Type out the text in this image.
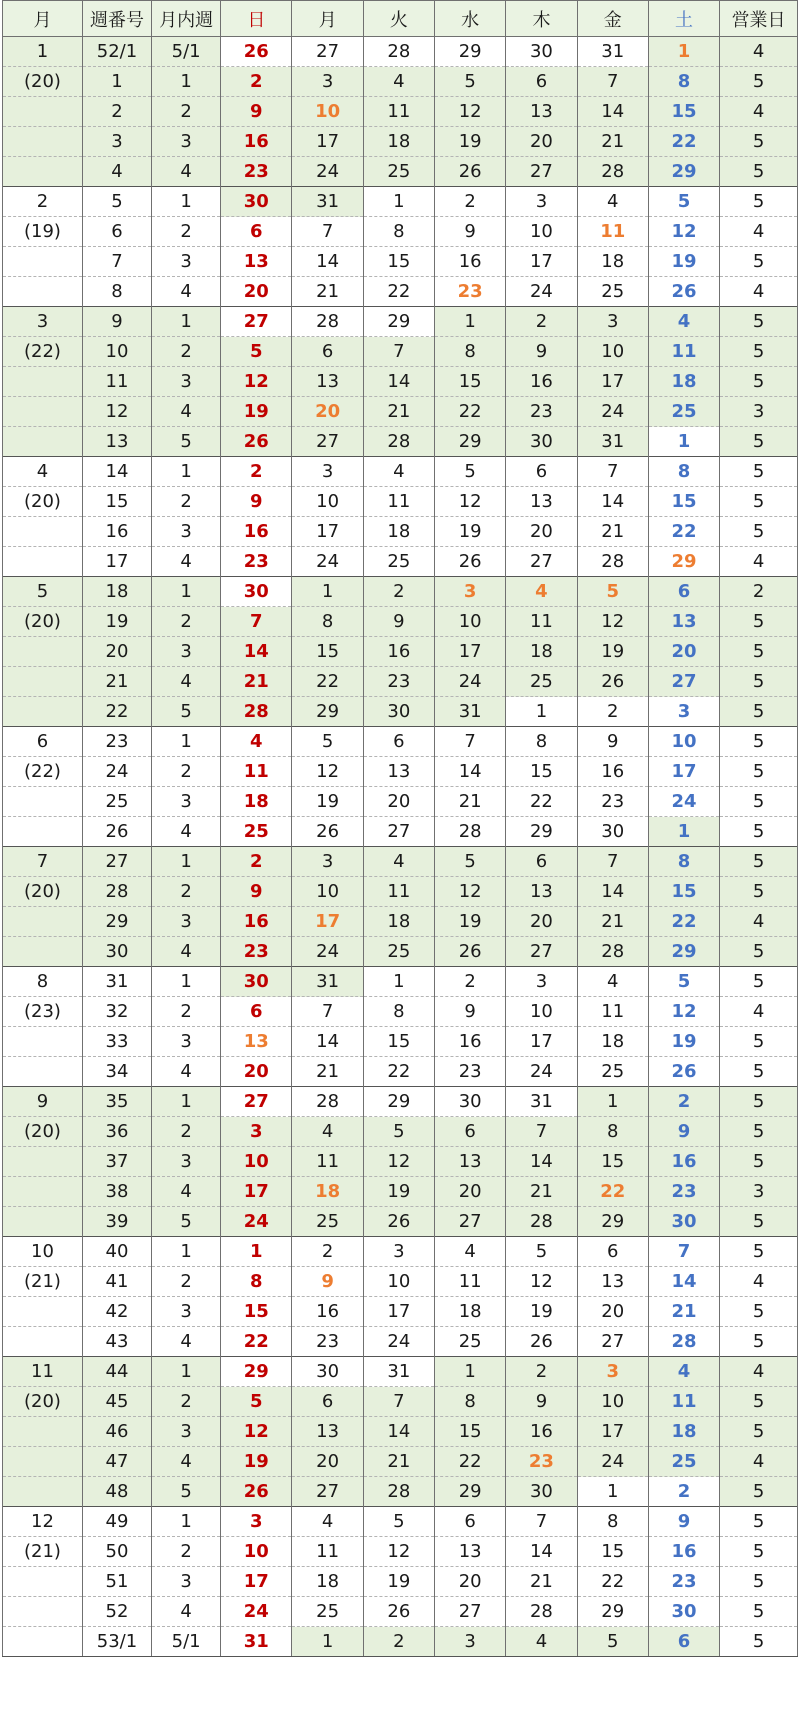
月	週番号	月内週	日	月	火	水	木	金	土	営業日
1	52/1	5/1	26	27	28	29	30	31	1	4
(20)	1	1	2	3	4	5	6	7	8	5
	2	2	9	10	11	12	13	14	15	4
	3	3	16	17	18	19	20	21	22	5
	4	4	23	24	25	26	27	28	29	5
2	5	1	30	31	1	2	3	4	5	5
(19)	6	2	6	7	8	9	10	11	12	4
	7	3	13	14	15	16	17	18	19	5
	8	4	20	21	22	23	24	25	26	4
3	9	1	27	28	29	1	2	3	4	5
(22)	10	2	5	6	7	8	9	10	11	5
	11	3	12	13	14	15	16	17	18	5
	12	4	19	20	21	22	23	24	25	3
	13	5	26	27	28	29	30	31	1	5
4	14	1	2	3	4	5	6	7	8	5
(20)	15	2	9	10	11	12	13	14	15	5
	16	3	16	17	18	19	20	21	22	5
	17	4	23	24	25	26	27	28	29	4
5	18	1	30	1	2	3	4	5	6	2
(20)	19	2	7	8	9	10	11	12	13	5
	20	3	14	15	16	17	18	19	20	5
	21	4	21	22	23	24	25	26	27	5
	22	5	28	29	30	31	1	2	3	5
6	23	1	4	5	6	7	8	9	10	5
(22)	24	2	11	12	13	14	15	16	17	5
	25	3	18	19	20	21	22	23	24	5
	26	4	25	26	27	28	29	30	1	5
7	27	1	2	3	4	5	6	7	8	5
(20)	28	2	9	10	11	12	13	14	15	5
	29	3	16	17	18	19	20	21	22	4
	30	4	23	24	25	26	27	28	29	5
8	31	1	30	31	1	2	3	4	5	5
(23)	32	2	6	7	8	9	10	11	12	4
	33	3	13	14	15	16	17	18	19	5
	34	4	20	21	22	23	24	25	26	5
9	35	1	27	28	29	30	31	1	2	5
(20)	36	2	3	4	5	6	7	8	9	5
	37	3	10	11	12	13	14	15	16	5
	38	4	17	18	19	20	21	22	23	3
	39	5	24	25	26	27	28	29	30	5
10	40	1	1	2	3	4	5	6	7	5
(21)	41	2	8	9	10	11	12	13	14	4
	42	3	15	16	17	18	19	20	21	5
	43	4	22	23	24	25	26	27	28	5
11	44	1	29	30	31	1	2	3	4	4
(20)	45	2	5	6	7	8	9	10	11	5
	46	3	12	13	14	15	16	17	18	5
	47	4	19	20	21	22	23	24	25	4
	48	5	26	27	28	29	30	1	2	5
12	49	1	3	4	5	6	7	8	9	5
(21)	50	2	10	11	12	13	14	15	16	5
	51	3	17	18	19	20	21	22	23	5
	52	4	24	25	26	27	28	29	30	5
	53/1	5/1	31	1	2	3	4	5	6	5
